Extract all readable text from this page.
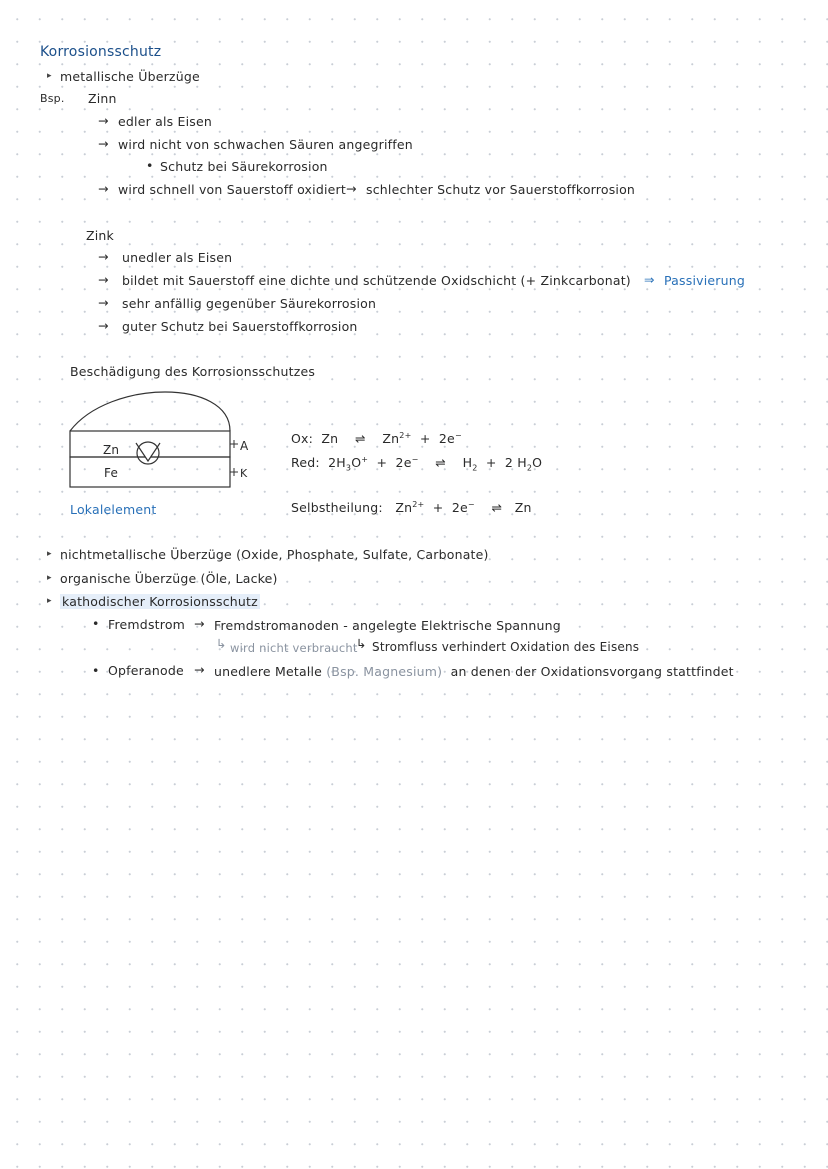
Korrosionsschutz
▸ metallische Überzüge
Bsp. Zinn
→ edler als Eisen
→ wird nicht von schwachen Säuren angegriffen
• Schutz bei Säurekorrosion
→ wird schnell von Sauerstoff oxidiert → schlechter Schutz vor Sauerstoffkorrosion
Zink
→ unedler als Eisen
→ bildet mit Sauerstoff eine dichte und schützende Oxidschicht (+ Zinkcarbonat) ⇒ Passivierung
→ sehr anfällig gegenüber Säurekorrosion
→ guter Schutz bei Sauerstoffkorrosion
Beschädigung des Korrosionsschutzes
Zn
Fe
A
K
Lokalelement
Ox: Zn ⇌ $Zn^{2+} + 2e^-$
Red: $2H_3O^+ + 2e^-$ ⇌ $H_2 + 2$ $H_2O$
Selbstheilung: $Zn^{2+} + 2e^-$ ⇌ Zn
▸ nichtmetallische Überzüge (Oxide, Phosphate, Sulfate, Carbonate)
▸ organische Überzüge (Öle, Lacke)
▸ kathodischer Korrosionsschutz
• Fremdstrom → Fremdstromanoden - angelegte Elektrische Spannung
↳ wird nicht verbraucht
↳ Stromfluss verhindert Oxidation des Eisens
• Opferanode → unedlere Metalle (Bsp. Magnesium) an denen der Oxidationsvorgang stattfindet
